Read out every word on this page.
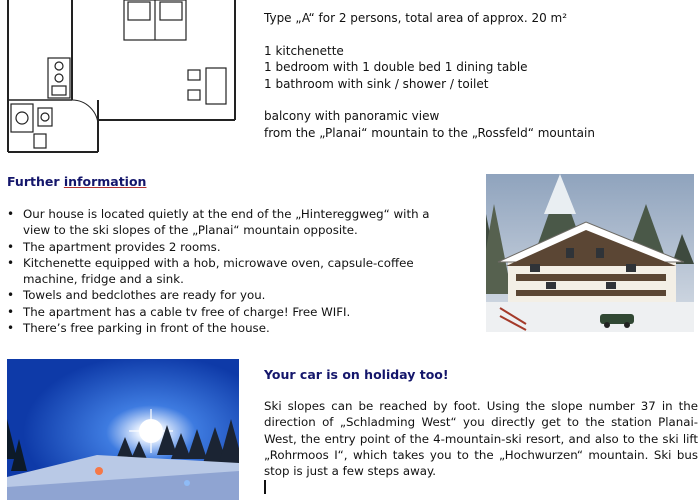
Type „A“ for 2 persons, total area of approx. 20 m²
1 kitchenette
1 bedroom with 1 double bed 1 dining table
1 bathroom with sink / shower / toilet
balcony with panoramic view
from the „Planai“ mountain to the „Rossfeld“ mountain
Further information
• Our house is located quietly at the end of the „Hintereggweg“ with a view to the ski slopes of the „Planai“ mountain opposite.
• The apartment provides 2 rooms.
• Kitchenette equipped with a hob, microwave oven, capsule-coffee machine, fridge and a sink.
• Towels and bedclothes are ready for you.
• The apartment has a cable tv free of charge! Free WIFI.
• There’s free parking in front of the house.
Your car is on holiday too!
Ski slopes can be reached by foot. Using the slope number 37 in the direction of „Schladming West“ you directly get to the station Planai-West, the entry point of the 4-mountain-ski resort, and also to the ski lift „Rohrmoos I“, which takes you to the „Hochwurzen“ mountain. Ski bus stop is just a few steps away.
